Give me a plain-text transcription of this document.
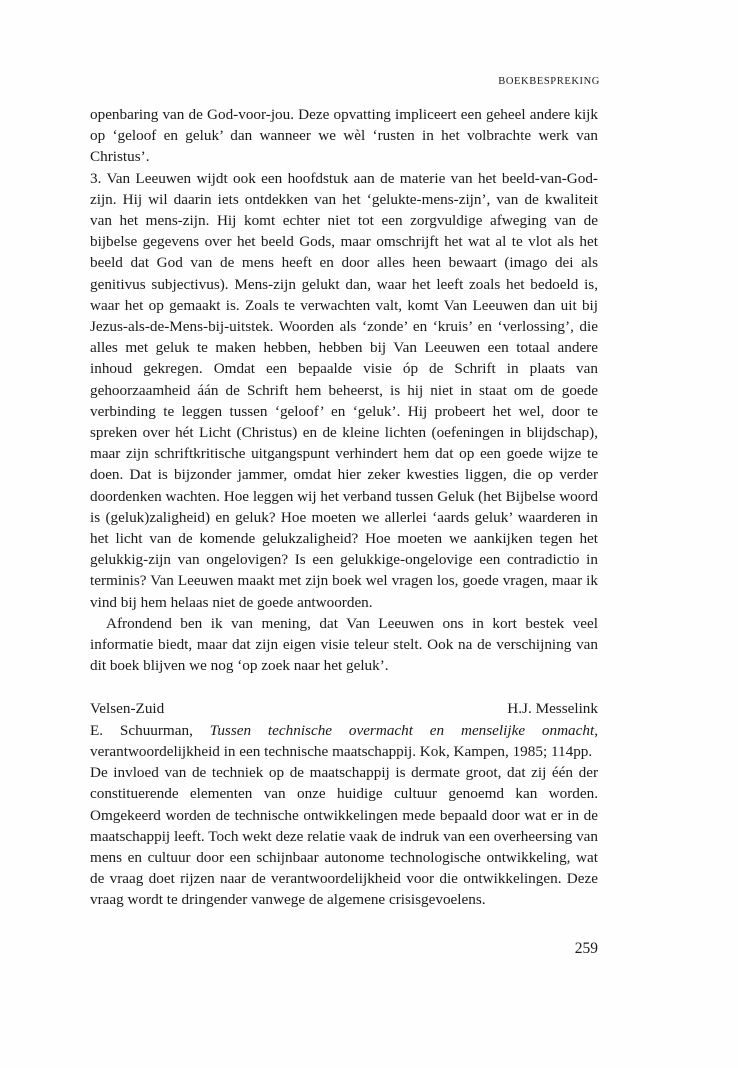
BOEKBESPREKING

openbaring van de God-voor-jou. Deze opvatting impliceert een geheel andere kijk op ‘geloof en geluk’ dan wanneer we wèl ‘rusten in het volbrachte werk van Christus’.

3. Van Leeuwen wijdt ook een hoofdstuk aan de materie van het beeld-van-God-zijn. Hij wil daarin iets ontdekken van het ‘gelukte-mens-zijn’, van de kwaliteit van het mens-zijn. Hij komt echter niet tot een zorgvuldige afweging van de bijbelse gegevens over het beeld Gods, maar omschrijft het wat al te vlot als het beeld dat God van de mens heeft en door alles heen bewaart (imago dei als genitivus subjectivus). Mens-zijn gelukt dan, waar het leeft zoals het bedoeld is, waar het op gemaakt is. Zoals te verwachten valt, komt Van Leeuwen dan uit bij Jezus-als-de-Mens-bij-uitstek. Woorden als ‘zonde’ en ‘kruis’ en ‘verlossing’, die alles met geluk te maken hebben, hebben bij Van Leeuwen een totaal andere inhoud gekregen. Omdat een bepaalde visie óp de Schrift in plaats van gehoorzaamheid áán de Schrift hem beheerst, is hij niet in staat om de goede verbinding te leggen tussen ‘geloof’ en ‘geluk’. Hij probeert het wel, door te spreken over hét Licht (Christus) en de kleine lichten (oefeningen in blijdschap), maar zijn schriftkritische uitgangspunt verhindert hem dat op een goede wijze te doen. Dat is bijzonder jammer, omdat hier zeker kwesties liggen, die op verder doordenken wachten. Hoe leggen wij het verband tussen Geluk (het Bijbelse woord is (geluk)zaligheid) en geluk? Hoe moeten we allerlei ‘aards geluk’ waarderen in het licht van de komende gelukzaligheid? Hoe moeten we aankijken tegen het gelukkig-zijn van ongelovigen? Is een gelukkige-ongelovige een contradictio in terminis? Van Leeuwen maakt met zijn boek wel vragen los, goede vragen, maar ik vind bij hem helaas niet de goede antwoorden.

Afrondend ben ik van mening, dat Van Leeuwen ons in kort bestek veel informatie biedt, maar dat zijn eigen visie teleur stelt. Ook na de verschijning van dit boek blijven we nog ‘op zoek naar het geluk’.

Velsen-Zuid	H.J. Messelink

E. Schuurman, Tussen technische overmacht en menselijke onmacht, verantwoordelijkheid in een technische maatschappij. Kok, Kampen, 1985; 114pp.

De invloed van de techniek op de maatschappij is dermate groot, dat zij één der constituerende elementen van onze huidige cultuur genoemd kan worden. Omgekeerd worden de technische ontwikkelingen mede bepaald door wat er in de maatschappij leeft. Toch wekt deze relatie vaak de indruk van een overheersing van mens en cultuur door een schijnbaar autonome technologische ontwikkeling, wat de vraag doet rijzen naar de verantwoordelijkheid voor die ontwikkelingen. Deze vraag wordt te dringender vanwege de algemene crisisgevoelens.

259
